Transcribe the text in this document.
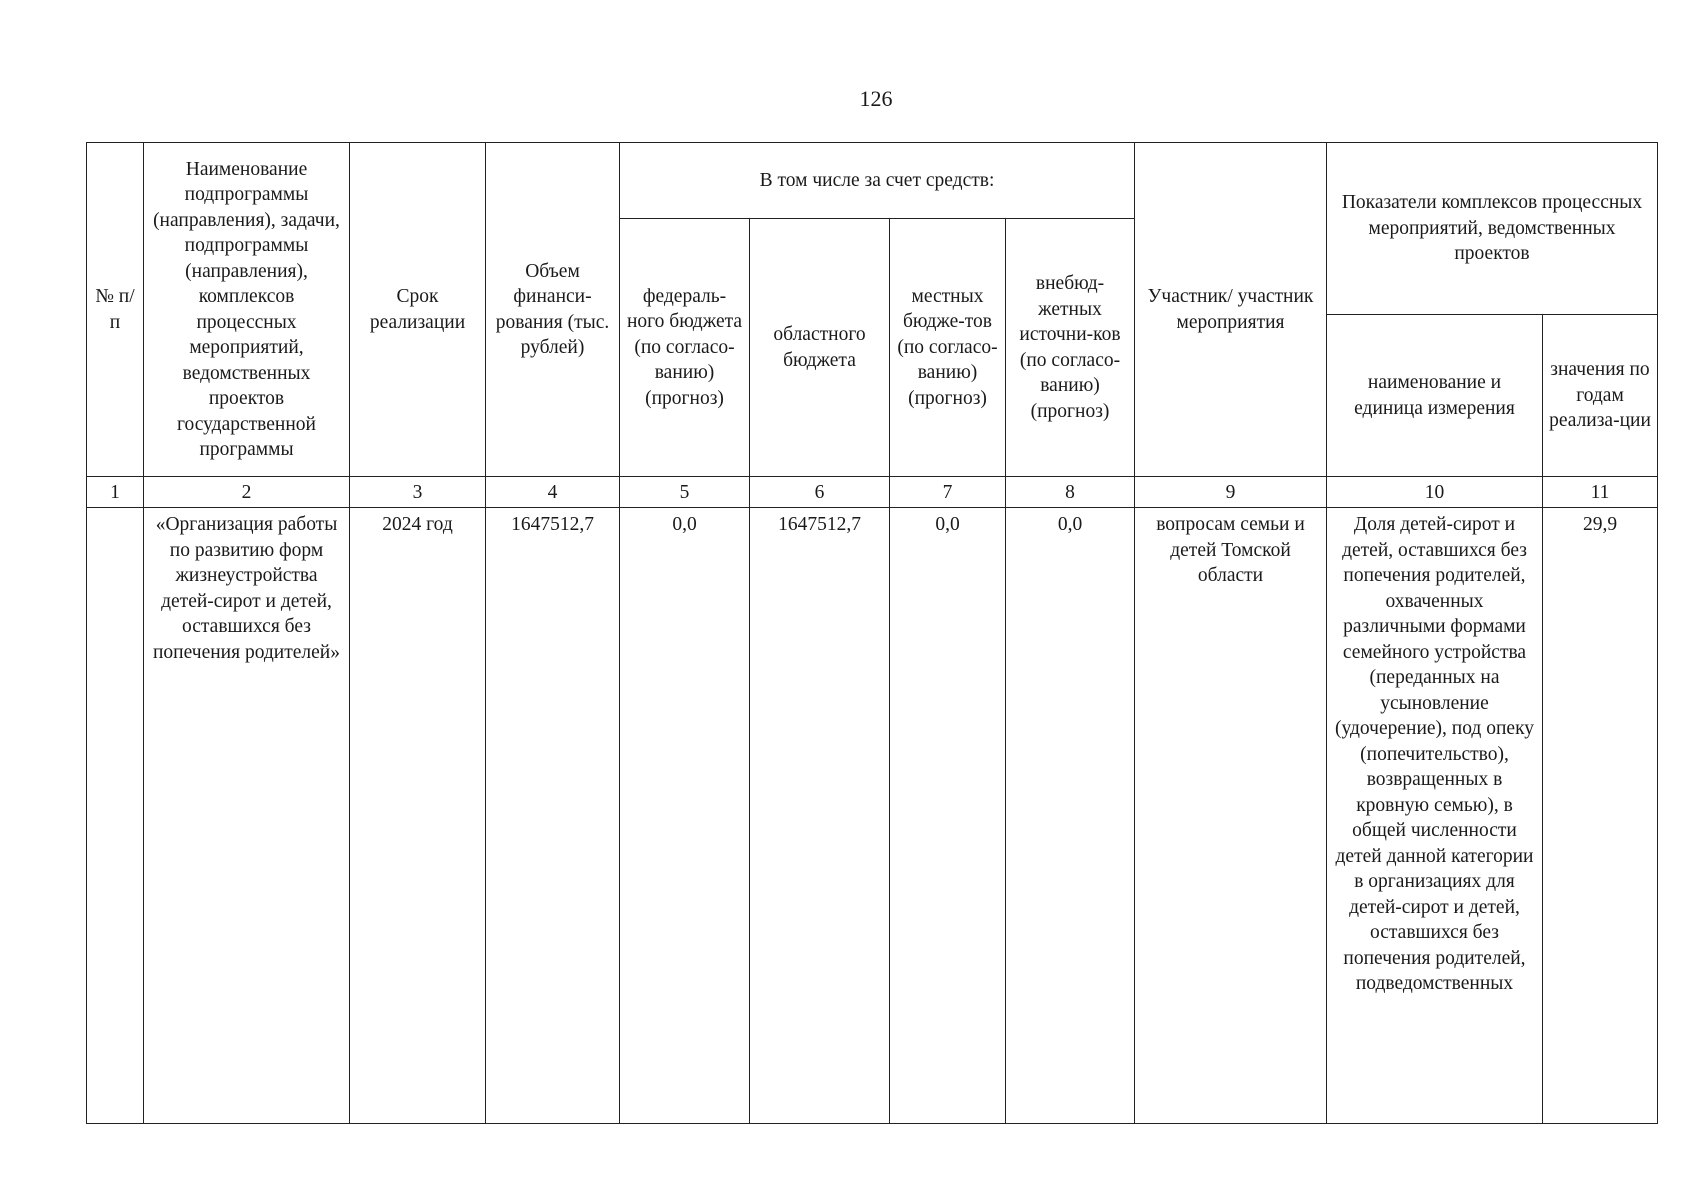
126
№ п/п	Наименование подпрограммы (направления), задачи, подпрограммы (направления), комплексов процессных мероприятий, ведомственных проектов государственной программы	Срок реализации	Объем финанси-рования (тыс. рублей)	В том числе за счет средств:				Участник/ участник мероприятия	Показатели комплексов процессных мероприятий, ведомственных проектов	
				федераль-ного бюджета (по согласо-ванию) (прогноз)	областного бюджета	местных бюдже-тов (по согласо-ванию) (прогноз)	внебюд-жетных источни-ков (по согласо-ванию) (прогноз)			
									наименование и единица измерения	значения по годам реализа-ции
1	2	3	4	5	6	7	8	9	10	11
	«Организация работы по развитию форм жизнеустройства детей-сирот и детей, оставшихся без попечения родителей»	2024 год	1647512,7	0,0	1647512,7	0,0	0,0	вопросам семьи и детей Томской области	Доля детей-сирот и детей, оставшихся без попечения родителей, охваченных различными формами семейного устройства (переданных на усыновление (удочерение), под опеку (попечительство), возвращенных в кровную семью), в общей численности детей данной категории в организациях для детей-сирот и детей, оставшихся без попечения родителей, подведомственных	29,9
